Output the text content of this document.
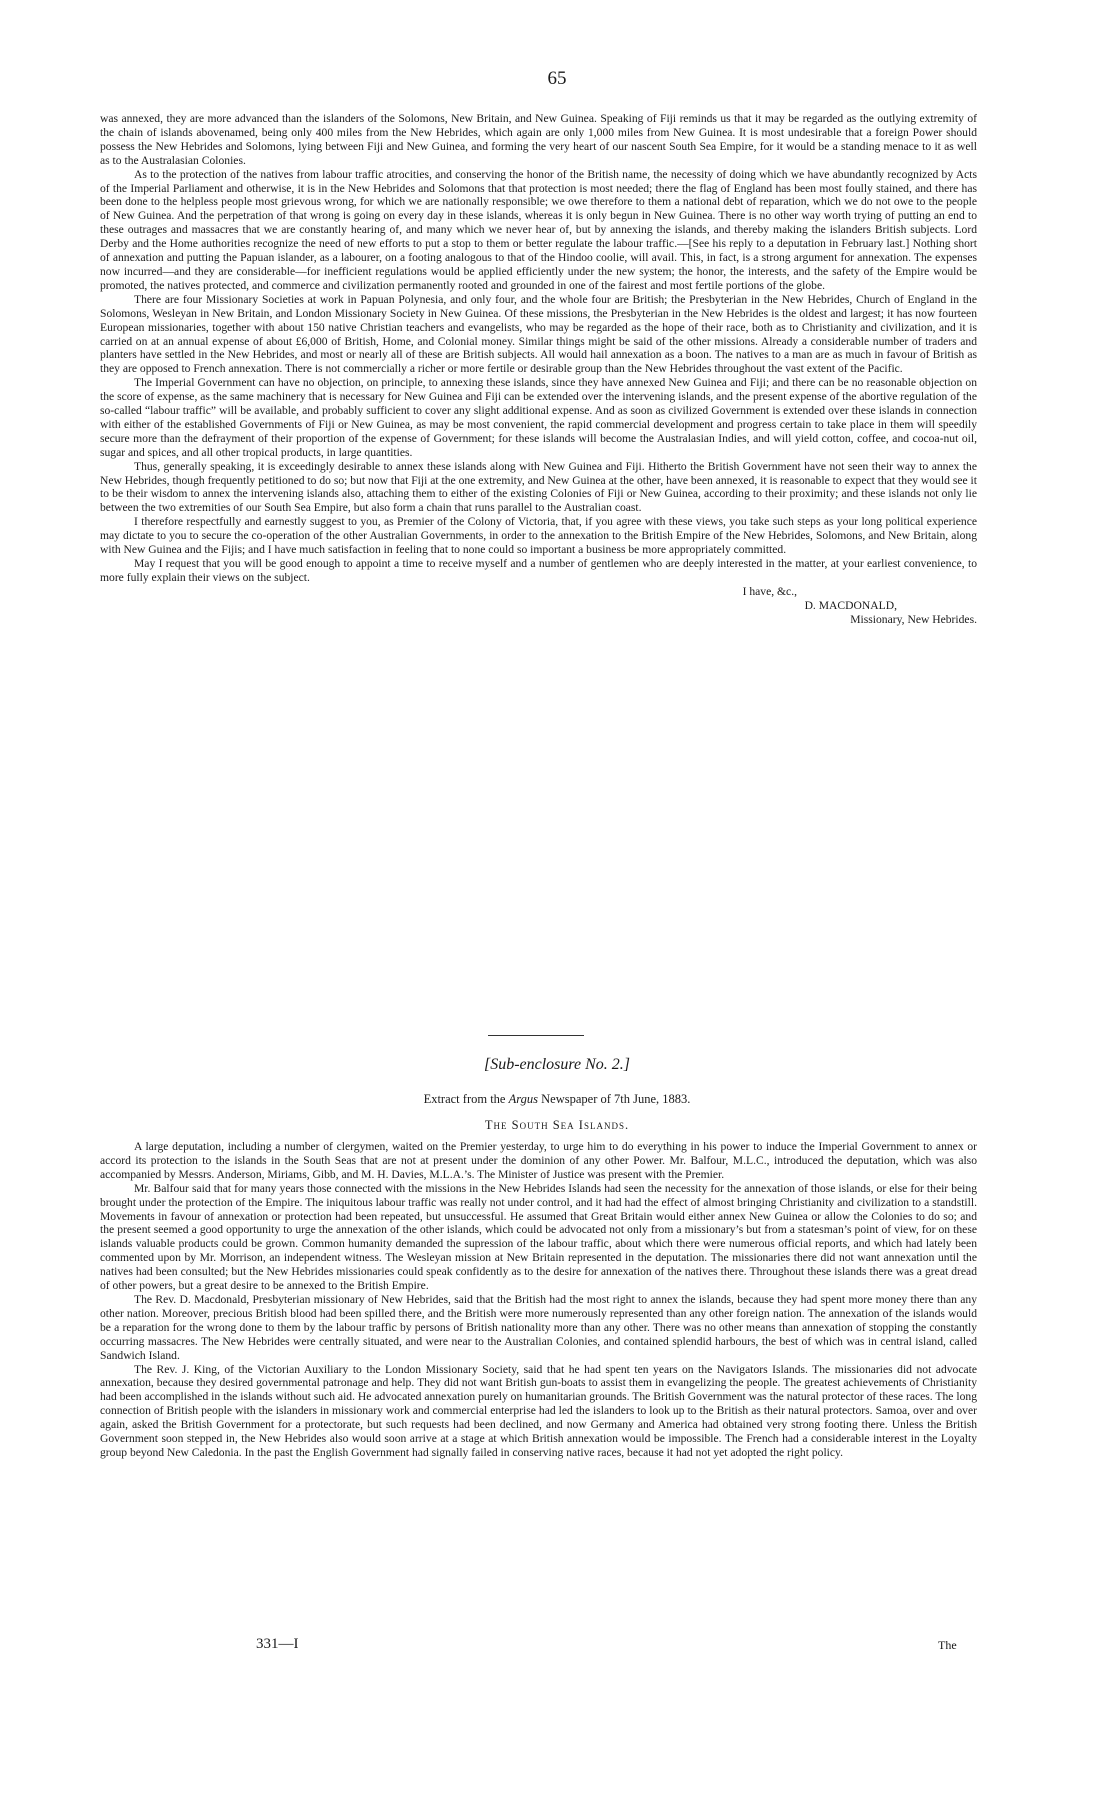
65

was annexed, they are more advanced than the islanders of the Solomons, New Britain, and New Guinea. Speaking of Fiji reminds us that it may be regarded as the outlying extremity of the chain of islands abovenamed, being only 400 miles from the New Hebrides, which again are only 1,000 miles from New Guinea. It is most undesirable that a foreign Power should possess the New Hebrides and Solomons, lying between Fiji and New Guinea, and forming the very heart of our nascent South Sea Empire, for it would be a standing menace to it as well as to the Australasian Colonies.

As to the protection of the natives from labour traffic atrocities, and conserving the honor of the British name, the necessity of doing which we have abundantly recognized by Acts of the Imperial Parliament and otherwise, it is in the New Hebrides and Solomons that that protection is most needed; there the flag of England has been most foully stained, and there has been done to the helpless people most grievous wrong, for which we are nationally responsible; we owe therefore to them a national debt of reparation, which we do not owe to the people of New Guinea. And the perpetration of that wrong is going on every day in these islands, whereas it is only begun in New Guinea. There is no other way worth trying of putting an end to these outrages and massacres that we are constantly hearing of, and many which we never hear of, but by annexing the islands, and thereby making the islanders British subjects. Lord Derby and the Home authorities recognize the need of new efforts to put a stop to them or better regulate the labour traffic.—[See his reply to a deputation in February last.] Nothing short of annexation and putting the Papuan islander, as a labourer, on a footing analogous to that of the Hindoo coolie, will avail. This, in fact, is a strong argument for annexation. The expenses now incurred—and they are considerable—for inefficient regulations would be applied efficiently under the new system; the honor, the interests, and the safety of the Empire would be promoted, the natives protected, and commerce and civilization permanently rooted and grounded in one of the fairest and most fertile portions of the globe.

There are four Missionary Societies at work in Papuan Polynesia, and only four, and the whole four are British; the Presbyterian in the New Hebrides, Church of England in the Solomons, Wesleyan in New Britain, and London Missionary Society in New Guinea. Of these missions, the Presbyterian in the New Hebrides is the oldest and largest; it has now fourteen European missionaries, together with about 150 native Christian teachers and evangelists, who may be regarded as the hope of their race, both as to Christianity and civilization, and it is carried on at an annual expense of about £6,000 of British, Home, and Colonial money. Similar things might be said of the other missions. Already a considerable number of traders and planters have settled in the New Hebrides, and most or nearly all of these are British subjects. All would hail annexation as a boon. The natives to a man are as much in favour of British as they are opposed to French annexation. There is not commercially a richer or more fertile or desirable group than the New Hebrides throughout the vast extent of the Pacific.

The Imperial Government can have no objection, on principle, to annexing these islands, since they have annexed New Guinea and Fiji; and there can be no reasonable objection on the score of expense, as the same machinery that is necessary for New Guinea and Fiji can be extended over the intervening islands, and the present expense of the abortive regulation of the so-called “labour traffic” will be available, and probably sufficient to cover any slight additional expense. And as soon as civilized Government is extended over these islands in connection with either of the established Governments of Fiji or New Guinea, as may be most convenient, the rapid commercial development and progress certain to take place in them will speedily secure more than the defrayment of their proportion of the expense of Government; for these islands will become the Australasian Indies, and will yield cotton, coffee, and cocoa-nut oil, sugar and spices, and all other tropical products, in large quantities.

Thus, generally speaking, it is exceedingly desirable to annex these islands along with New Guinea and Fiji. Hitherto the British Government have not seen their way to annex the New Hebrides, though frequently petitioned to do so; but now that Fiji at the one extremity, and New Guinea at the other, have been annexed, it is reasonable to expect that they would see it to be their wisdom to annex the intervening islands also, attaching them to either of the existing Colonies of Fiji or New Guinea, according to their proximity; and these islands not only lie between the two extremities of our South Sea Empire, but also form a chain that runs parallel to the Australian coast.

I therefore respectfully and earnestly suggest to you, as Premier of the Colony of Victoria, that, if you agree with these views, you take such steps as your long political experience may dictate to you to secure the co-operation of the other Australian Governments, in order to the annexation to the British Empire of the New Hebrides, Solomons, and New Britain, along with New Guinea and the Fijis; and I have much satisfaction in feeling that to none could so important a business be more appropriately committed.

May I request that you will be good enough to appoint a time to receive myself and a number of gentlemen who are deeply interested in the matter, at your earliest convenience, to more fully explain their views on the subject.

I have, &c.,
D. MACDONALD,
Missionary, New Hebrides.
[Sub-enclosure No. 2.]
Extract from the Argus Newspaper of 7th June, 1883.
The South Sea Islands.

A large deputation, including a number of clergymen, waited on the Premier yesterday, to urge him to do everything in his power to induce the Imperial Government to annex or accord its protection to the islands in the South Seas that are not at present under the dominion of any other Power. Mr. Balfour, M.L.C., introduced the deputation, which was also accompanied by Messrs. Anderson, Miriams, Gibb, and M. H. Davies, M.L.A.’s. The Minister of Justice was present with the Premier.

Mr. Balfour said that for many years those connected with the missions in the New Hebrides Islands had seen the necessity for the annexation of those islands, or else for their being brought under the protection of the Empire. The iniquitous labour traffic was really not under control, and it had had the effect of almost bringing Christianity and civilization to a standstill. Movements in favour of annexation or protection had been repeated, but unsuccessful. He assumed that Great Britain would either annex New Guinea or allow the Colonies to do so; and the present seemed a good opportunity to urge the annexation of the other islands, which could be advocated not only from a missionary’s but from a statesman’s point of view, for on these islands valuable products could be grown. Common humanity demanded the supression of the labour traffic, about which there were numerous official reports, and which had lately been commented upon by Mr. Morrison, an independent witness. The Wesleyan mission at New Britain represented in the deputation. The missionaries there did not want annexation until the natives had been consulted; but the New Hebrides missionaries could speak confidently as to the desire for annexation of the natives there. Throughout these islands there was a great dread of other powers, but a great desire to be annexed to the British Empire.

The Rev. D. Macdonald, Presbyterian missionary of New Hebrides, said that the British had the most right to annex the islands, because they had spent more money there than any other nation. Moreover, precious British blood had been spilled there, and the British were more numerously represented than any other foreign nation. The annexation of the islands would be a reparation for the wrong done to them by the labour traffic by persons of British nationality more than any other. There was no other means than annexation of stopping the constantly occurring massacres. The New Hebrides were centrally situated, and were near to the Australian Colonies, and contained splendid harbours, the best of which was in central island, called Sandwich Island.

The Rev. J. King, of the Victorian Auxiliary to the London Missionary Society, said that he had spent ten years on the Navigators Islands. The missionaries did not advocate annexation, because they desired governmental patronage and help. They did not want British gun-boats to assist them in evangelizing the people. The greatest achievements of Christianity had been accomplished in the islands without such aid. He advocated annexation purely on humanitarian grounds. The British Government was the natural protector of these races. The long connection of British people with the islanders in missionary work and commercial enterprise had led the islanders to look up to the British as their natural protectors. Samoa, over and over again, asked the British Government for a protectorate, but such requests had been declined, and now Germany and America had obtained very strong footing there. Unless the British Government soon stepped in, the New Hebrides also would soon arrive at a stage at which British annexation would be impossible. The French had a considerable interest in the Loyalty group beyond New Caledonia. In the past the English Government had signally failed in conserving native races, because it had not yet adopted the right policy.

331—I	The
